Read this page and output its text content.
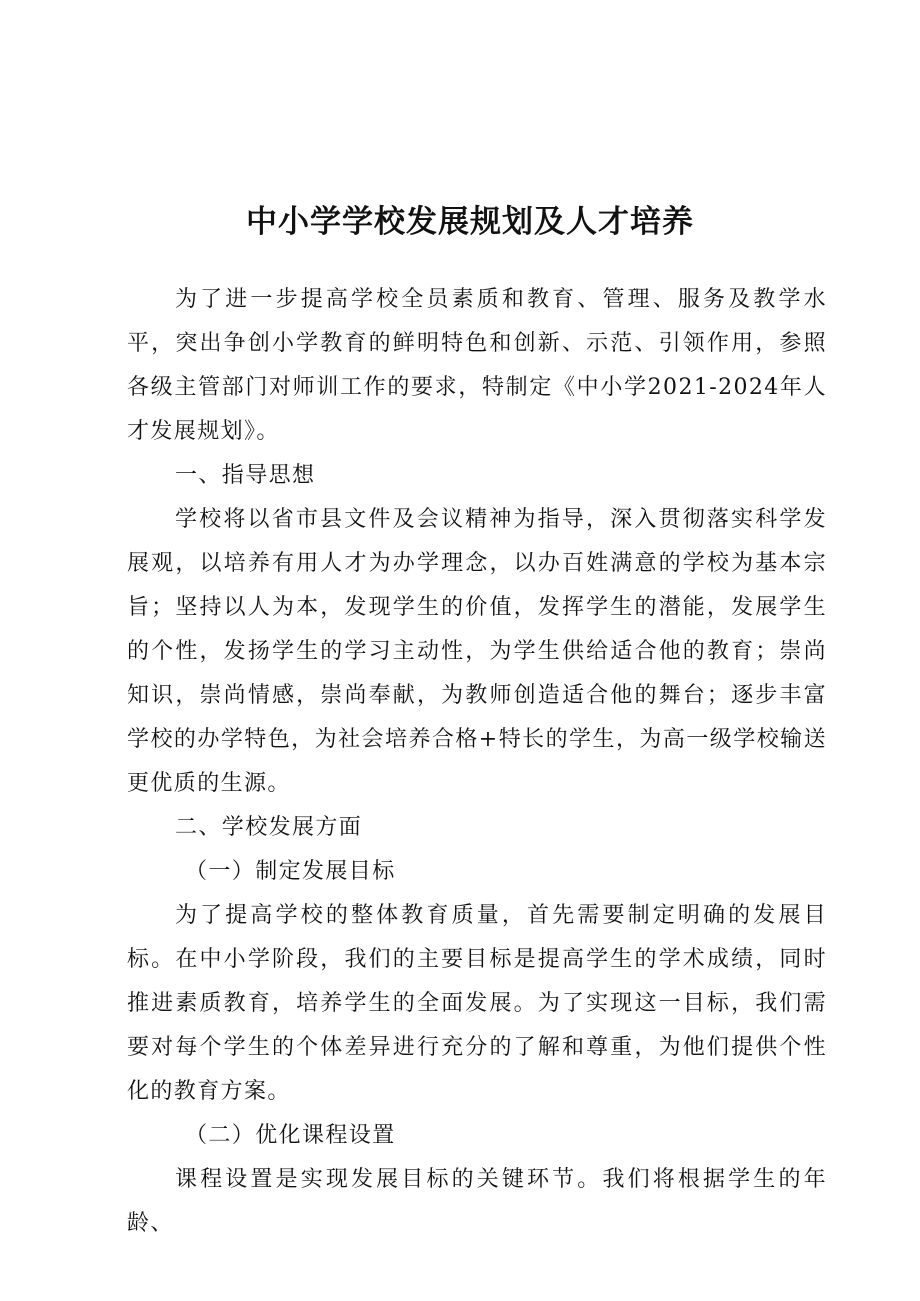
中小学学校发展规划及人才培养

为了进一步提高学校全员素质和教育、管理、服务及教学水平，突出争创小学教育的鲜明特色和创新、示范、引领作用，参照各级主管部门对师训工作的要求，特制定《中小学2021-2024年人才发展规划》。

一、指导思想

学校将以省市县文件及会议精神为指导，深入贯彻落实科学发展观，以培养有用人才为办学理念，以办百姓满意的学校为基本宗旨；坚持以人为本，发现学生的价值，发挥学生的潜能，发展学生的个性，发扬学生的学习主动性，为学生供给适合他的教育；崇尚知识，崇尚情感，崇尚奉献，为教师创造适合他的舞台；逐步丰富学校的办学特色，为社会培养合格+特长的学生，为高一级学校输送更优质的生源。

二、学校发展方面

（一）制定发展目标

为了提高学校的整体教育质量，首先需要制定明确的发展目标。在中小学阶段，我们的主要目标是提高学生的学术成绩，同时推进素质教育，培养学生的全面发展。为了实现这一目标，我们需要对每个学生的个体差异进行充分的了解和尊重，为他们提供个性化的教育方案。

（二）优化课程设置

课程设置是实现发展目标的关键环节。我们将根据学生的年龄、
